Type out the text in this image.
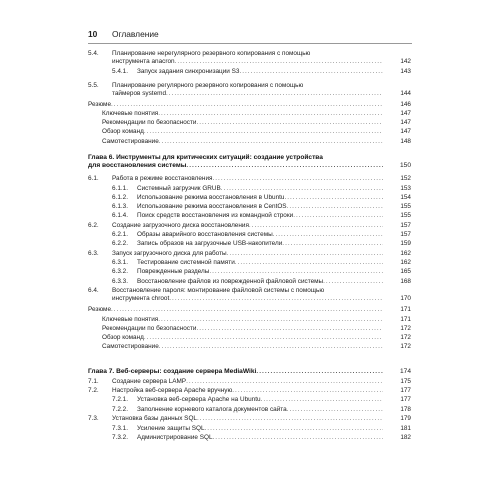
10 Оглавление
5.4. Планирование нерегулярного резервного копирования с помощью
инструмента anacron .....	142
5.4.1. Запуск задания синхронизации S3 .....	143
5.5. Планирование регулярного резервного копирования с помощью
таймеров systemd .....	144
Резюме .....	146
Ключевые понятия .....	147
Рекомендации по безопасности .....	147
Обзор команд .....	147
Самотестирование .....	148
Глава 6. Инструменты для критических ситуаций: создание устройства
для восстановления системы .....	150
6.1. Работа в режиме восстановления .....	152
6.1.1. Системный загрузчик GRUB .....	153
6.1.2. Использование режима восстановления в Ubuntu .....	154
6.1.3. Использование режима восстановления в CentOS .....	155
6.1.4. Поиск средств восстановления из командной строки .....	155
6.2. Создание загрузочного диска восстановления .....	157
6.2.1. Образы аварийного восстановления системы .....	157
6.2.2. Запись образов на загрузочные USB-накопители .....	159
6.3. Запуск загрузочного диска для работы .....	162
6.3.1. Тестирование системной памяти .....	162
6.3.2. Поврежденные разделы .....	165
6.3.3. Восстановление файлов из поврежденной файловой системы .....	168
6.4. Восстановление пароля: монтирование файловой системы с помощью
инструмента chroot .....	170
Резюме .....	171
Ключевые понятия .....	171
Рекомендации по безопасности .....	172
Обзор команд .....	172
Самотестирование .....	172
Глава 7. Веб-серверы: создание сервера MediaWiki .....	174
7.1. Создание сервера LAMP .....	175
7.2. Настройка веб-сервера Apache вручную .....	177
7.2.1. Установка веб-сервера Apache на Ubuntu .....	177
7.2.2. Заполнение корневого каталога документов сайта .....	178
7.3. Установка базы данных SQL .....	179
7.3.1. Усиление защиты SQL .....	181
7.3.2. Администрирование SQL .....	182
